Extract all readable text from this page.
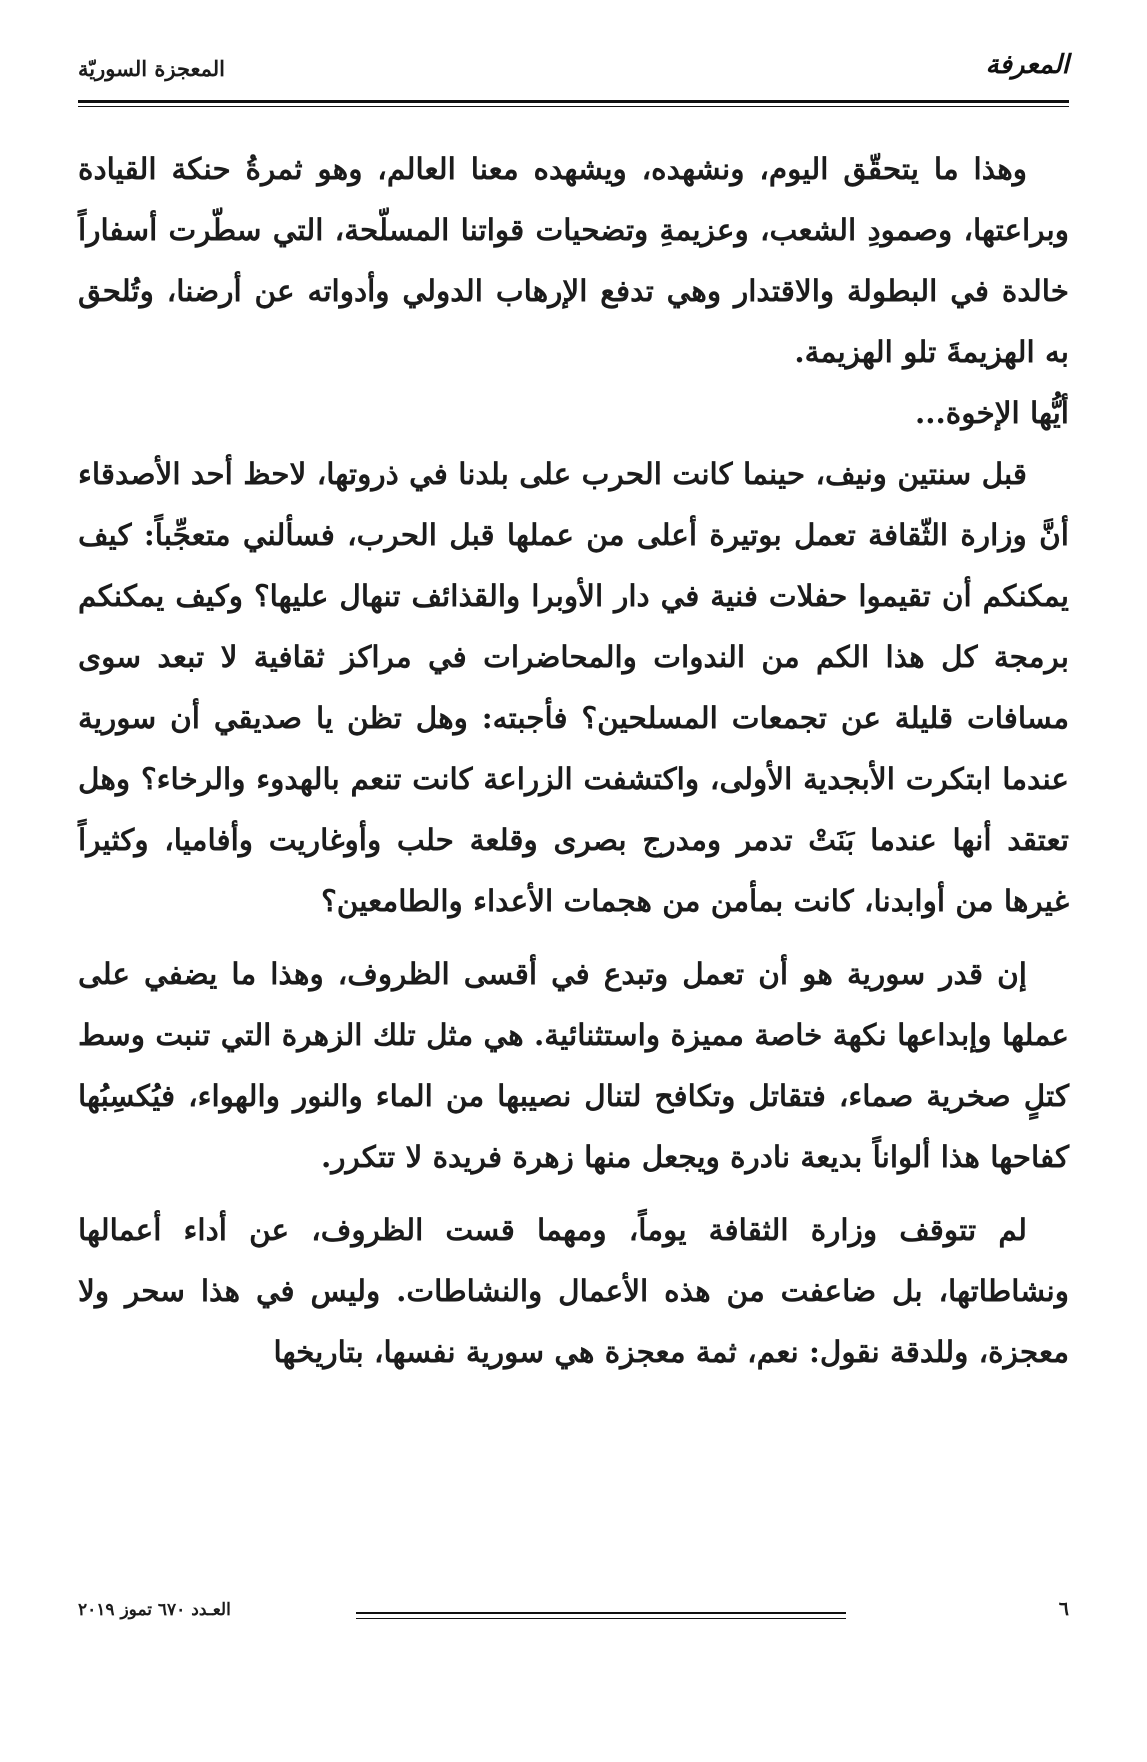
المعجزة السوريّة	المعرفة

وهذا ما يتحقّق اليوم، ونشهده، ويشهده معنا العالم، وهو ثمرةُ حنكة القيادة وبراعتها، وصمودِ الشعب، وعزيمةِ وتضحيات قواتنا المسلّحة، التي سطّرت أسفاراً خالدة في البطولة والاقتدار وهي تدفع الإرهاب الدولي وأدواته عن أرضنا، وتُلحق به الهزيمةَ تلو الهزيمة.

أيُّها الإخوة...

قبل سنتين ونيف، حينما كانت الحرب على بلدنا في ذروتها، لاحظ أحد الأصدقاء أنَّ وزارة الثّقافة تعمل بوتيرة أعلى من عملها قبل الحرب، فسألني متعجِّباً: كيف يمكنكم أن تقيموا حفلات فنية في دار الأوبرا والقذائف تنهال عليها؟ وكيف يمكنكم برمجة كل هذا الكم من الندوات والمحاضرات في مراكز ثقافية لا تبعد سوى مسافات قليلة عن تجمعات المسلحين؟ فأجبته: وهل تظن يا صديقي أن سورية عندما ابتكرت الأبجدية الأولى، واكتشفت الزراعة كانت تنعم بالهدوء والرخاء؟ وهل تعتقد أنها عندما بَنَتْ تدمر ومدرج بصرى وقلعة حلب وأوغاريت وأفاميا، وكثيراً غيرها من أوابدنا، كانت بمأمن من هجمات الأعداء والطامعين؟

إن قدر سورية هو أن تعمل وتبدع في أقسى الظروف، وهذا ما يضفي على عملها وإبداعها نكهة خاصة مميزة واستثنائية. هي مثل تلك الزهرة التي تنبت وسط كتلٍ صخرية صماء، فتقاتل وتكافح لتنال نصيبها من الماء والنور والهواء، فيُكسِبُها كفاحها هذا ألواناً بديعة نادرة ويجعل منها زهرة فريدة لا تتكرر.

لم تتوقف وزارة الثقافة يوماً، ومهما قست الظروف، عن أداء أعمالها ونشاطاتها، بل ضاعفت من هذه الأعمال والنشاطات. وليس في هذا سحر ولا معجزة، وللدقة نقول: نعم، ثمة معجزة هي سورية نفسها، بتاريخها

٦
العـدد ٦٧٠ تموز ٢٠١٩
